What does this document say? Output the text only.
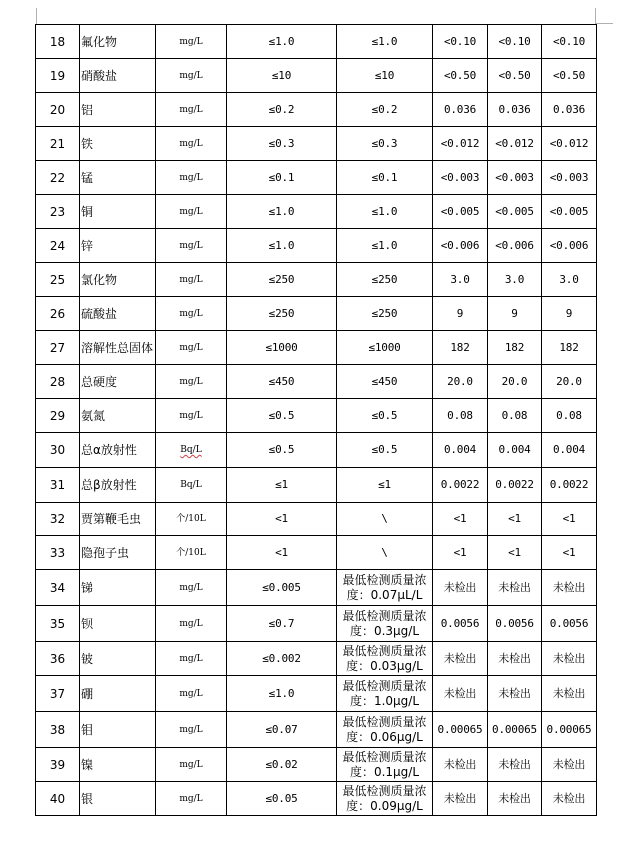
18	氟化物	mg/L	≤1.0	≤1.0	<0.10	<0.10	<0.10
19	硝酸盐	mg/L	≤10	≤10	<0.50	<0.50	<0.50
20	铝	mg/L	≤0.2	≤0.2	0.036	0.036	0.036
21	铁	mg/L	≤0.3	≤0.3	<0.012	<0.012	<0.012
22	锰	mg/L	≤0.1	≤0.1	<0.003	<0.003	<0.003
23	铜	mg/L	≤1.0	≤1.0	<0.005	<0.005	<0.005
24	锌	mg/L	≤1.0	≤1.0	<0.006	<0.006	<0.006
25	氯化物	mg/L	≤250	≤250	3.0	3.0	3.0
26	硫酸盐	mg/L	≤250	≤250	9	9	9
27	溶解性总固体	mg/L	≤1000	≤1000	182	182	182
28	总硬度	mg/L	≤450	≤450	20.0	20.0	20.0
29	氨氮	mg/L	≤0.5	≤0.5	0.08	0.08	0.08
30	总α放射性	Bq/L	≤0.5	≤0.5	0.004	0.004	0.004
31	总β放射性	Bq/L	≤1	≤1	0.0022	0.0022	0.0022
32	贾第鞭毛虫	个/10L	<1	\	<1	<1	<1
33	隐孢子虫	个/10L	<1	\	<1	<1	<1
34	锑	mg/L	≤0.005	最低检测质量浓
度：0.07μL/L	未检出	未检出	未检出
35	钡	mg/L	≤0.7	最低检测质量浓
度：0.3μg/L	0.0056	0.0056	0.0056
36	铍	mg/L	≤0.002	最低检测质量浓
度：0.03μg/L	未检出	未检出	未检出
37	硼	mg/L	≤1.0	最低检测质量浓
度：1.0μg/L	未检出	未检出	未检出
38	钼	mg/L	≤0.07	最低检测质量浓
度：0.06μg/L	0.00065	0.00065	0.00065
39	镍	mg/L	≤0.02	最低检测质量浓
度：0.1μg/L	未检出	未检出	未检出
40	银	mg/L	≤0.05	最低检测质量浓
度：0.09μg/L	未检出	未检出	未检出
